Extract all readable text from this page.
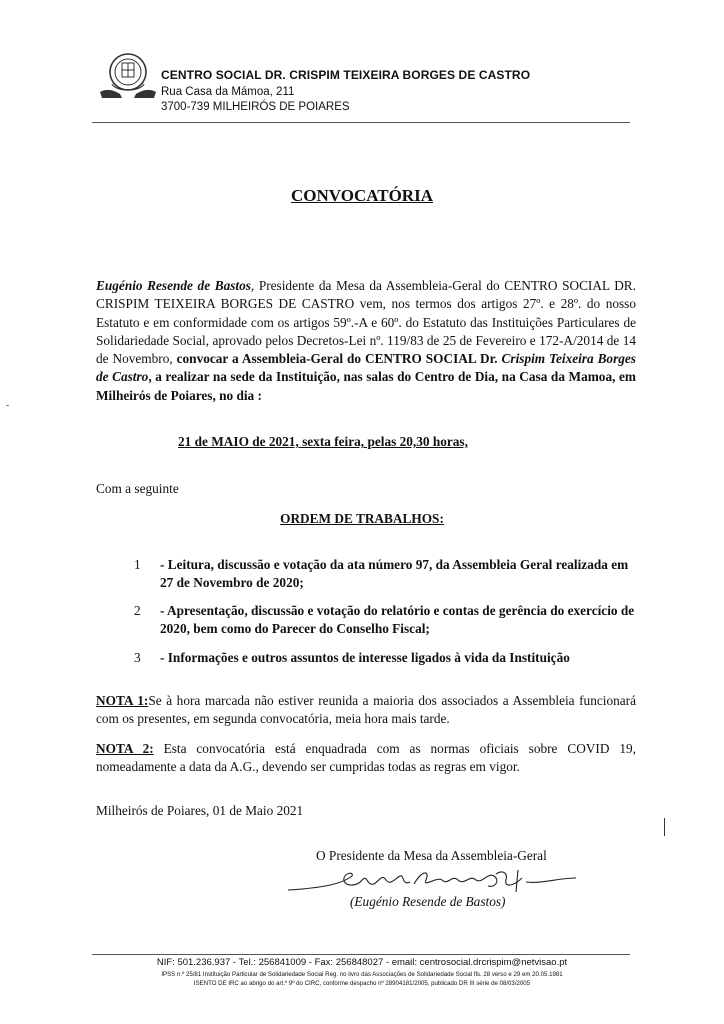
CENTRO SOCIAL DR. CRISPIM TEIXEIRA BORGES DE CASTRO
Rua Casa da Mámoa, 211
3700-739 MILHEIRÓS DE POIARES
CONVOCATÓRIA
Eugénio Resende de Bastos, Presidente da Mesa da Assembleia-Geral do CENTRO SOCIAL DR. CRISPIM TEIXEIRA BORGES DE CASTRO vem, nos termos dos artigos 27º. e 28º. do nosso Estatuto e em conformidade com os artigos 59º.-A e 60º. do Estatuto das Instituições Particulares de Solidariedade Social, aprovado pelos Decretos-Lei nº. 119/83 de 25 de Fevereiro e 172-A/2014 de 14 de Novembro, convocar a Assembleia-Geral do CENTRO SOCIAL Dr. Crispim Teixeira Borges de Castro, a realizar na sede da Instituição, nas salas do Centro de Dia, na Casa da Mamoa, em Milheirós de Poiares, no dia :
21 de MAIO de 2021, sexta feira, pelas 20,30 horas,
Com a seguinte
ORDEM DE TRABALHOS:
1 - Leitura, discussão e votação da ata número 97, da Assembleia Geral realizada em 27 de Novembro de 2020;
2 - Apresentação, discussão e votação do relatório e contas de gerência do exercício de 2020, bem como do Parecer do Conselho Fiscal;
3 - Informações e outros assuntos de interesse ligados à vida da Instituição
NOTA 1:Se à hora marcada não estiver reunida a maioria dos associados a Assembleia funcionará com os presentes, em segunda convocatória, meia hora mais tarde.
NOTA 2: Esta convocatória está enquadrada com as normas oficiais sobre COVID 19, nomeadamente a data da A.G., devendo ser cumpridas todas as regras em vigor.
Milheirós de Poiares, 01 de Maio 2021
O Presidente da Mesa da Assembleia-Geral
(Eugénio Resende de Bastos)
NIF: 501.236.937 - Tel.: 256841009 - Fax: 256848027 - email: centrosocial.drcrispim@netvisao.pt
IPSS n.º 25/81 Instituição Particular de Solidariedade Social Reg. no livro das Associações de Solidariedade Social fls. 28 verso e 29 em 20.05.1981
ISENTO DE IRC ao abrigo do art.º 9º do CIRC, conforme despacho nº 28904181/2005, publicado DR III série de 08/03/2005
